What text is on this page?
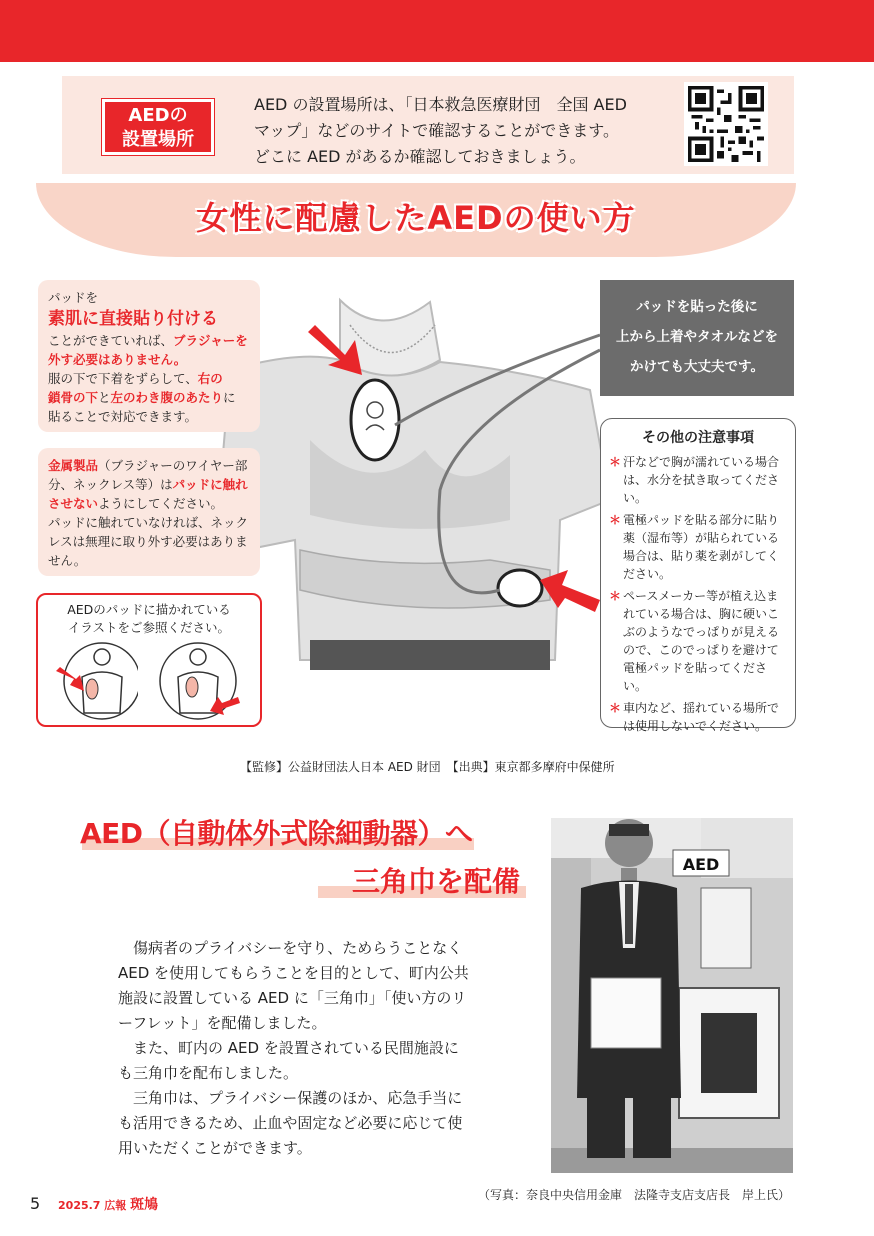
AEDの
設置場所
AED の設置場所は、「日本救急医療財団　全国 AED
マップ」などのサイトで確認することができます。
どこに AED があるか確認しておきましょう。
女性に配慮したAEDの使い方
パッドを
素肌に直接貼り付ける
ことができていれば、ブラジャーを
外す必要はありません。
服の下で下着をずらして、右の
鎖骨の下と左のわき腹のあたりに
貼ることで対応できます。
金属製品（ブラジャーのワイヤー部
分、ネックレス等）はパッドに触れ
させないようにしてください。
パッドに触れていなければ、ネック
レスは無理に取り外す必要はありま
せん。
AEDのパッドに描かれている
イラストをご参照ください。
パッドを貼った後に
上から上着やタオルなどを
かけても大丈夫です。
その他の注意事項
＊ 汗などで胸が濡れている場合は、水分を拭き取ってください。
＊ 電極パッドを貼る部分に貼り薬（湿布等）が貼られている場合は、貼り薬を剥がしてください。
＊ ペースメーカー等が植え込まれている場合は、胸に硬いこぶのようなでっぱりが見えるので、このでっぱりを避けて電極パッドを貼ってください。
＊ 車内など、揺れている場所では使用しないでください。
【監修】公益財団法人日本 AED 財団　【出典】東京都多摩府中保健所
AED（自動体外式除細動器）へ
三角巾を配備

傷病者のプライバシーを守り、ためらうことなく AED を使用してもらうことを目的として、町内公共施設に設置している AED に「三角巾」「使い方のリーフレット」を配備しました。

また、町内の AED を設置されている民間施設にも三角巾を配布しました。

三角巾は、プライバシー保護のほか、応急手当にも活用できるため、止血や固定など必要に応じて使用いただくことができます。

AED
（写真：奈良中央信用金庫　法隆寺支店支店長　岸上氏）
5 2025.7 広報 斑鳩
